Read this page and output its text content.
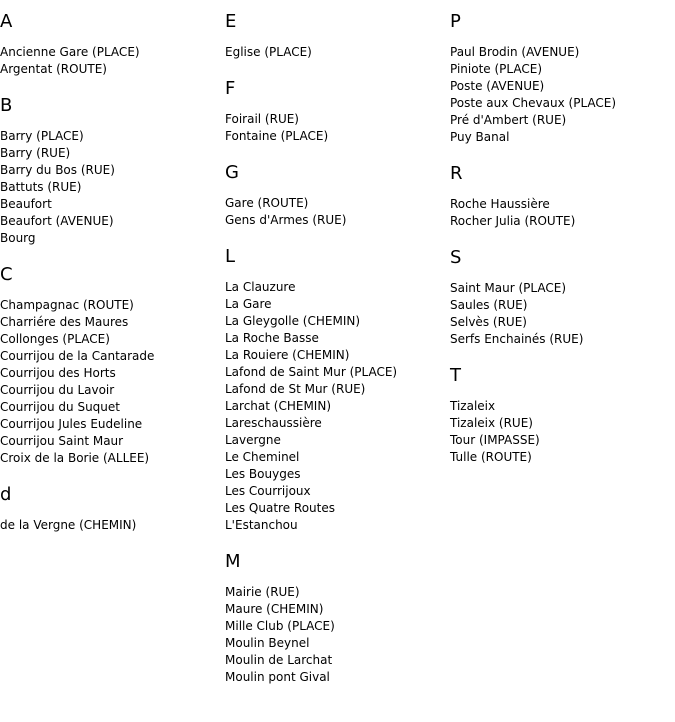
A
Ancienne Gare (PLACE)
Argentat (ROUTE)
B
Barry (PLACE)
Barry (RUE)
Barry du Bos (RUE)
Battuts (RUE)
Beaufort
Beaufort (AVENUE)
Bourg
C
Champagnac (ROUTE)
Charriére des Maures
Collonges (PLACE)
Courrijou de la Cantarade
Courrijou des Horts
Courrijou du Lavoir
Courrijou du Suquet
Courrijou Jules Eudeline
Courrijou Saint Maur
Croix de la Borie (ALLEE)
d
de la Vergne (CHEMIN)
E
Eglise (PLACE)
F
Foirail (RUE)
Fontaine (PLACE)
G
Gare (ROUTE)
Gens d'Armes (RUE)
L
La Clauzure
La Gare
La Gleygolle (CHEMIN)
La Roche Basse
La Rouiere (CHEMIN)
Lafond de Saint Mur (PLACE)
Lafond de St Mur (RUE)
Larchat (CHEMIN)
Lareschaussière
Lavergne
Le Cheminel
Les Bouyges
Les Courrijoux
Les Quatre Routes
L'Estanchou
M
Mairie (RUE)
Maure (CHEMIN)
Mille Club (PLACE)
Moulin Beynel
Moulin de Larchat
Moulin pont Gival
P
Paul Brodin (AVENUE)
Piniote (PLACE)
Poste (AVENUE)
Poste aux Chevaux (PLACE)
Pré d'Ambert (RUE)
Puy Banal
R
Roche Haussière
Rocher Julia (ROUTE)
S
Saint Maur (PLACE)
Saules (RUE)
Selvès (RUE)
Serfs Enchainés (RUE)
T
Tizaleix
Tizaleix (RUE)
Tour (IMPASSE)
Tulle (ROUTE)
